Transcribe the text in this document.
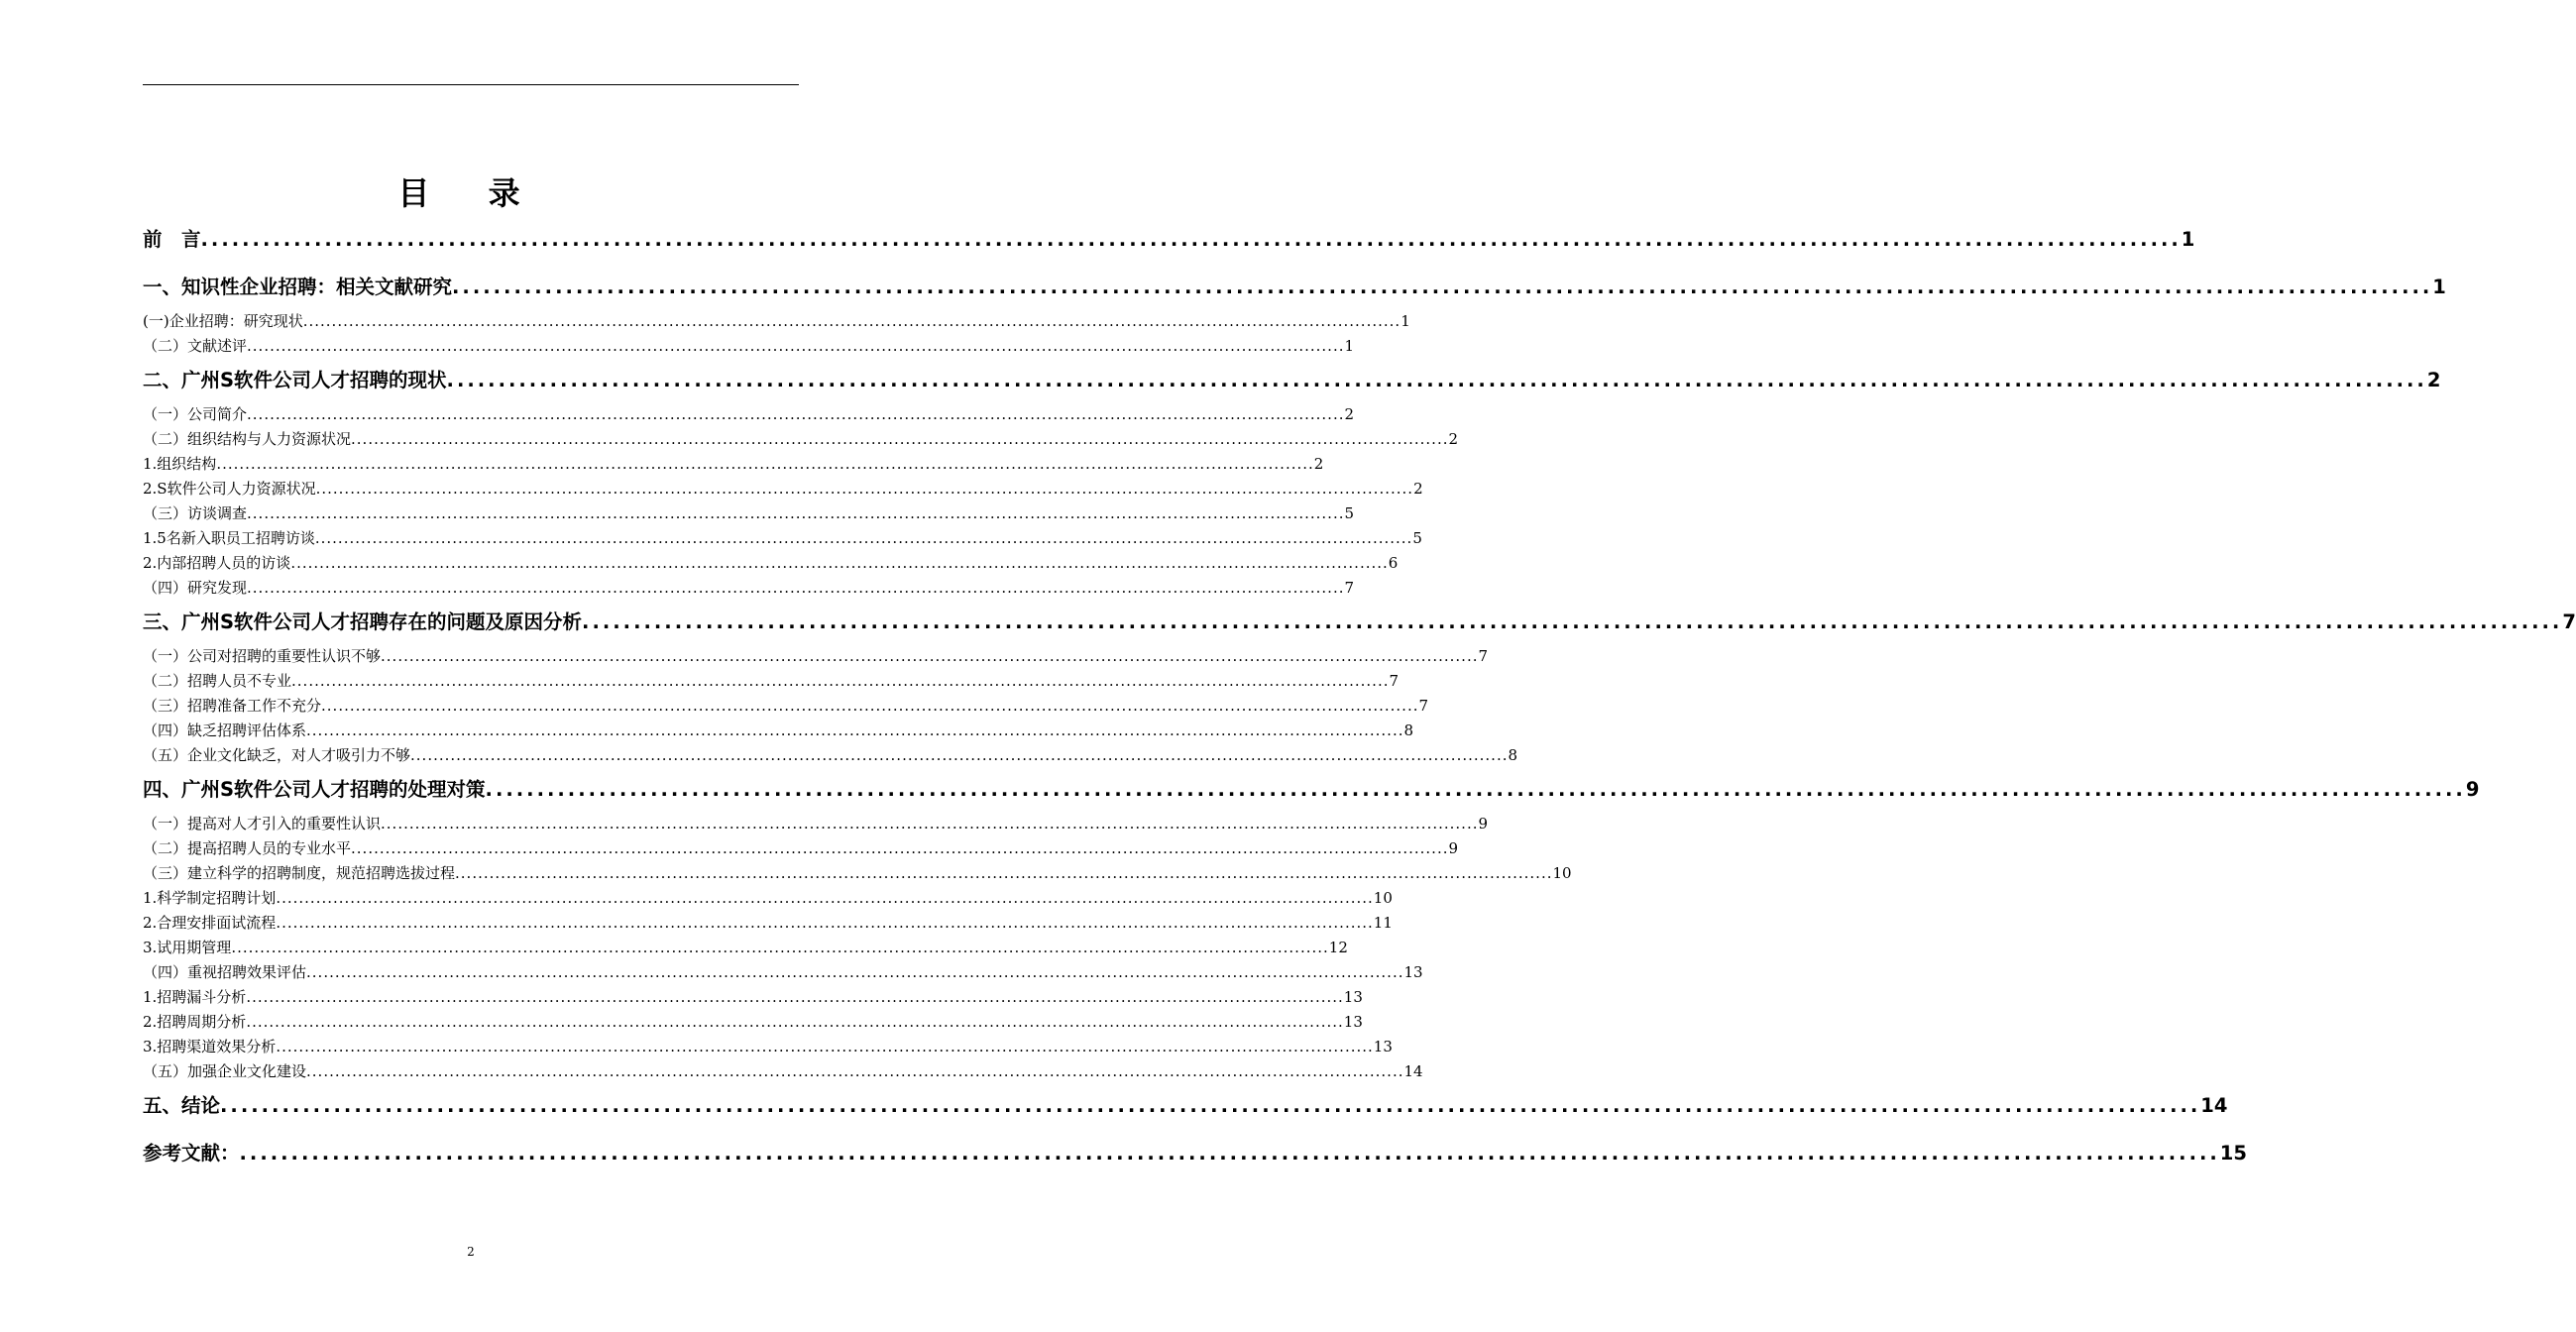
目 录
前　言 ................................................................................................................................................................................................ 1
一、知识性企业招聘：相关文献研究 ................................................................................................................................................................................................ 1
(一)企业招聘：研究现状 ................................................................................................................................................................................................ 1
（二）文献述评 ................................................................................................................................................................................................ 1
二、广州S软件公司人才招聘的现状 ................................................................................................................................................................................................ 2
（一）公司简介 ................................................................................................................................................................................................ 2
（二）组织结构与人力资源状况 ................................................................................................................................................................................................ 2
1.组织结构 ................................................................................................................................................................................................ 2
2.S软件公司人力资源状况 ................................................................................................................................................................................................ 2
（三）访谈调查 ................................................................................................................................................................................................ 5
1.5名新入职员工招聘访谈 ................................................................................................................................................................................................ 5
2.内部招聘人员的访谈 ................................................................................................................................................................................................ 6
（四）研究发现 ................................................................................................................................................................................................ 7
三、广州S软件公司人才招聘存在的问题及原因分析 ................................................................................................................................................................................................ 7
（一）公司对招聘的重要性认识不够 ................................................................................................................................................................................................ 7
（二）招聘人员不专业 ................................................................................................................................................................................................ 7
（三）招聘准备工作不充分 ................................................................................................................................................................................................ 7
（四）缺乏招聘评估体系 ................................................................................................................................................................................................ 8
（五）企业文化缺乏，对人才吸引力不够 ................................................................................................................................................................................................ 8
四、广州S软件公司人才招聘的处理对策 ................................................................................................................................................................................................ 9
（一）提高对人才引入的重要性认识 ................................................................................................................................................................................................ 9
（二）提高招聘人员的专业水平 ................................................................................................................................................................................................ 9
（三）建立科学的招聘制度，规范招聘选拔过程 ................................................................................................................................................................................................ 10
1.科学制定招聘计划 ................................................................................................................................................................................................ 10
2.合理安排面试流程 ................................................................................................................................................................................................ 11
3.试用期管理 ................................................................................................................................................................................................ 12
（四）重视招聘效果评估 ................................................................................................................................................................................................ 13
1.招聘漏斗分析 ................................................................................................................................................................................................ 13
2.招聘周期分析 ................................................................................................................................................................................................ 13
3.招聘渠道效果分析 ................................................................................................................................................................................................ 13
（五）加强企业文化建设 ................................................................................................................................................................................................ 14
五、结论 ................................................................................................................................................................................................ 14
参考文献： ................................................................................................................................................................................................ 15
2
